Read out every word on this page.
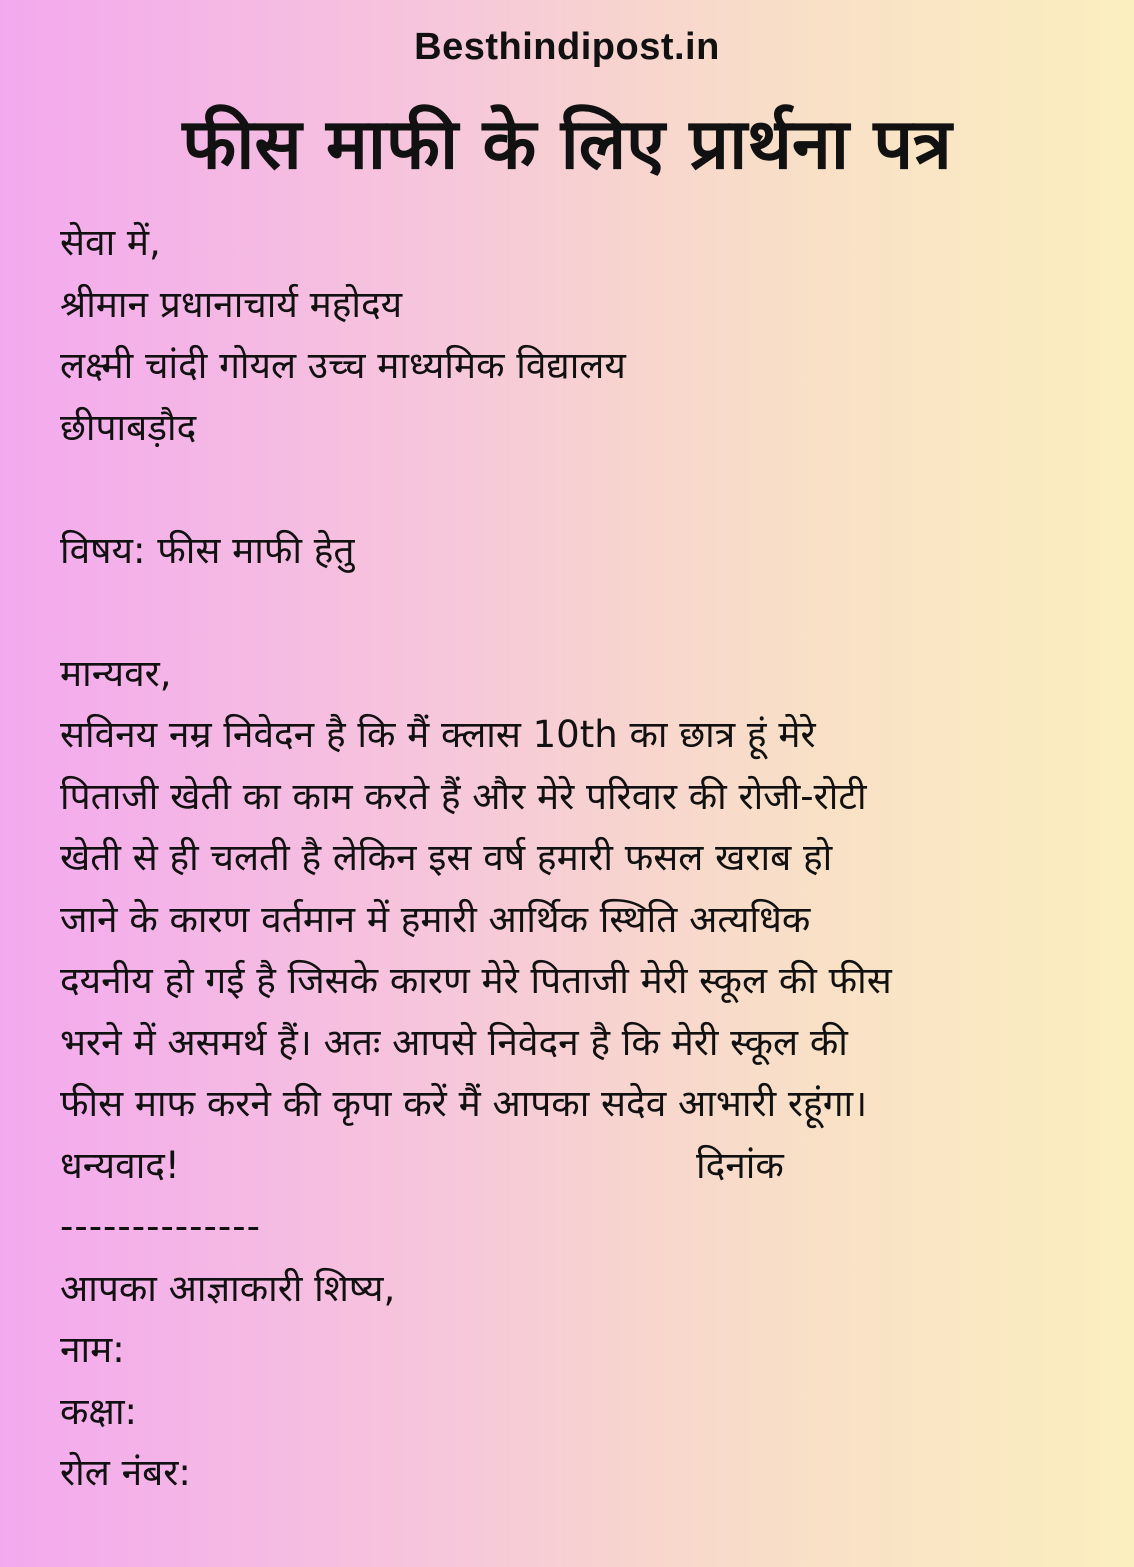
Besthindipost.in
फीस माफी के लिए प्रार्थना पत्र
सेवा में,
श्रीमान प्रधानाचार्य महोदय
लक्ष्मी चांदी गोयल उच्च माध्यमिक विद्यालय
छीपाबड़ौद
विषय: फीस माफी हेतु
मान्यवर,
सविनय नम्र निवेदन है कि मैं क्लास 10th का छात्र हूं मेरे
पिताजी खेती का काम करते हैं और मेरे परिवार की रोजी-रोटी
खेती से ही चलती है लेकिन इस वर्ष हमारी फसल खराब हो
जाने के कारण वर्तमान में हमारी आर्थिक स्थिति अत्यधिक
दयनीय हो गई है जिसके कारण मेरे पिताजी मेरी स्कूल की फीस
भरने में असमर्थ हैं। अतः आपसे निवेदन है कि मेरी स्कूल की
फीस माफ करने की कृपा करें मैं आपका सदेव आभारी रहूंगा।
धन्यवाद!	दिनांक
--------------
आपका आज्ञाकारी शिष्य,
नाम:
कक्षा:
रोल नंबर:
